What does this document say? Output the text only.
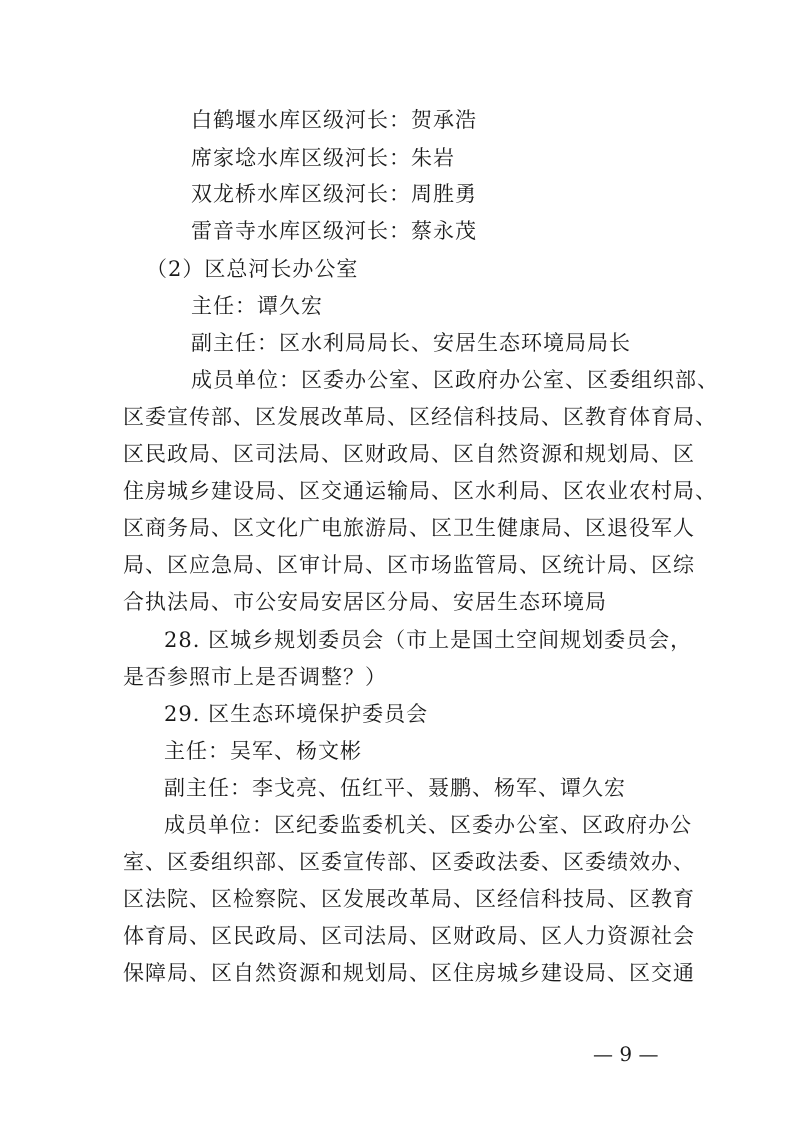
白鹤堰水库区级河长：贺承浩
席家埝水库区级河长：朱岩
双龙桥水库区级河长：周胜勇
雷音寺水库区级河长：蔡永茂
（2）区总河长办公室
主任：谭久宏
副主任：区水利局局长、安居生态环境局局长
成员单位：区委办公室、区政府办公室、区委组织部、
区委宣传部、区发展改革局、区经信科技局、区教育体育局、
区民政局、区司法局、区财政局、区自然资源和规划局、区
住房城乡建设局、区交通运输局、区水利局、区农业农村局、
区商务局、区文化广电旅游局、区卫生健康局、区退役军人
局、区应急局、区审计局、区市场监管局、区统计局、区综
合执法局、市公安局安居区分局、安居生态环境局
28. 区城乡规划委员会（市上是国土空间规划委员会，
是否参照市上是否调整？）
29. 区生态环境保护委员会
主任：吴军、杨文彬
副主任：李戈亮、伍红平、聂鹏、杨军、谭久宏
成员单位：区纪委监委机关、区委办公室、区政府办公
室、区委组织部、区委宣传部、区委政法委、区委绩效办、
区法院、区检察院、区发展改革局、区经信科技局、区教育
体育局、区民政局、区司法局、区财政局、区人力资源社会
保障局、区自然资源和规划局、区住房城乡建设局、区交通
— 9 —
